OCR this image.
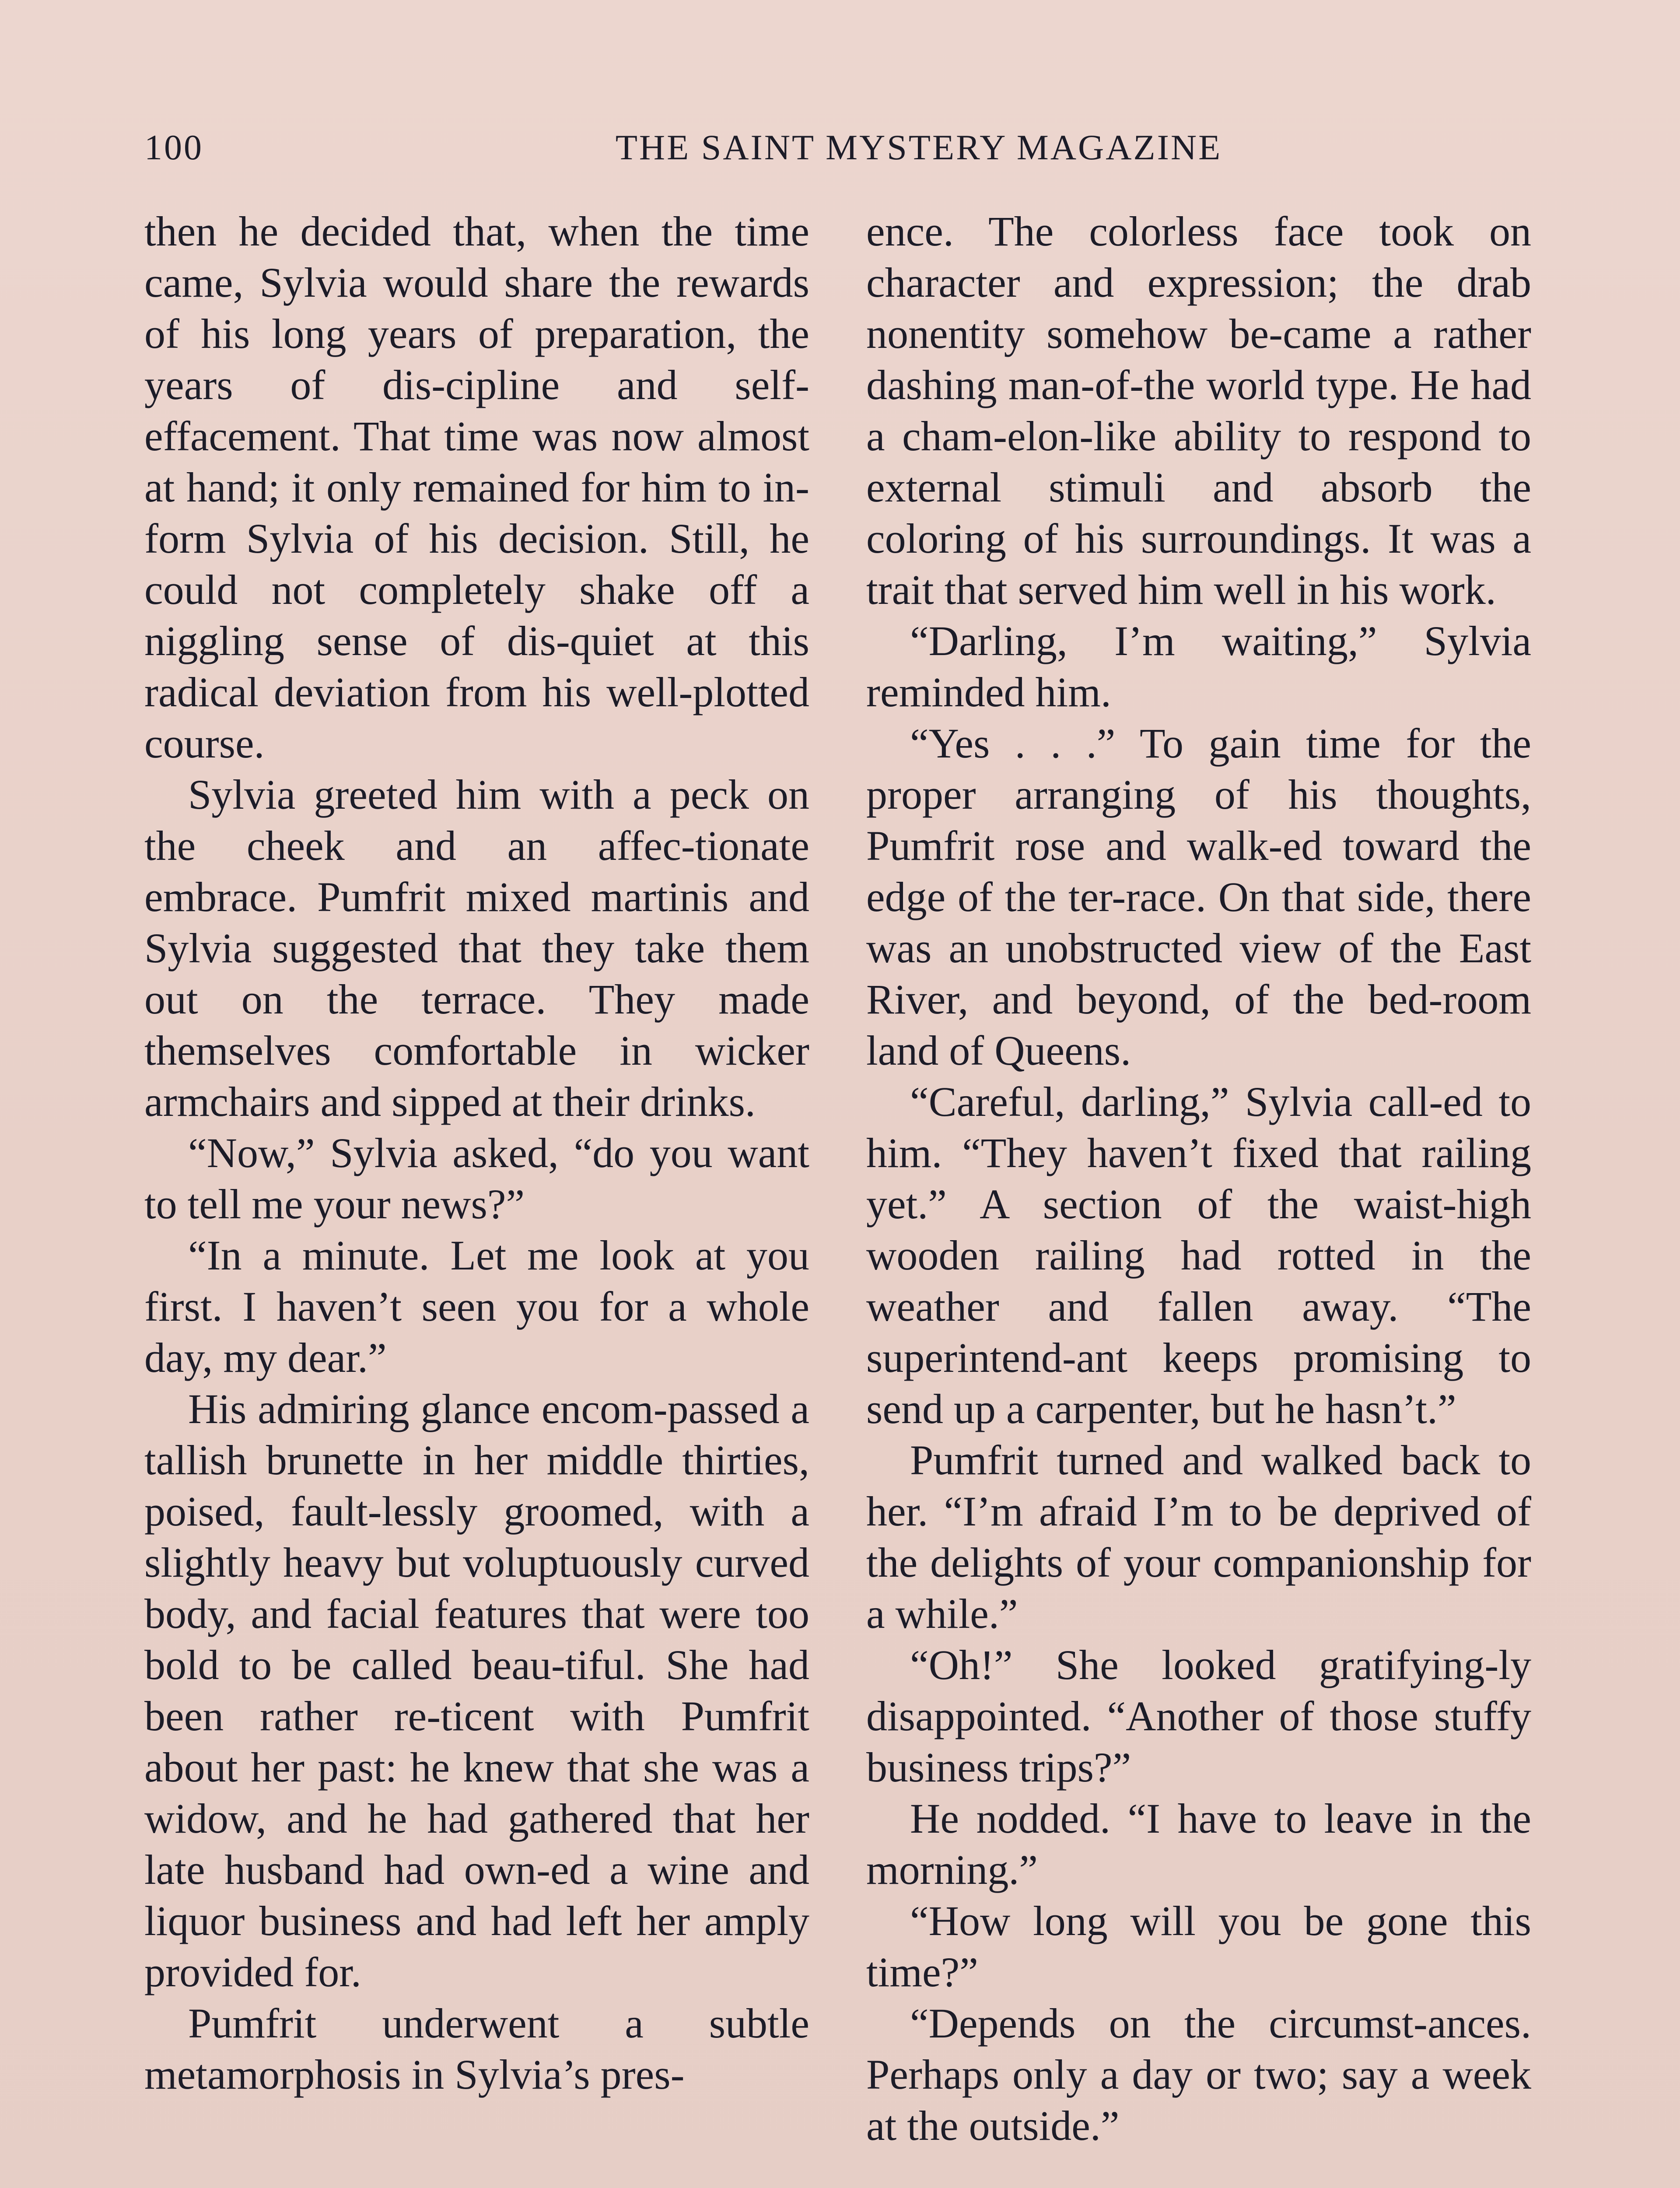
100	THE SAINT MYSTERY MAGAZINE

then he decided that, when the time came, Sylvia would share the rewards of his long years of preparation, the years of dis-cipline and self-effacement. That time was now almost at hand; it only remained for him to in-form Sylvia of his decision. Still, he could not completely shake off a niggling sense of dis-quiet at this radical deviation from his well-plotted course.

Sylvia greeted him with a peck on the cheek and an affec-tionate embrace. Pumfrit mixed martinis and Sylvia suggested that they take them out on the terrace. They made themselves comfortable in wicker armchairs and sipped at their drinks.

“Now,” Sylvia asked, “do you want to tell me your news?”

“In a minute. Let me look at you first. I haven’t seen you for a whole day, my dear.”

His admiring glance encom-passed a tallish brunette in her middle thirties, poised, fault-lessly groomed, with a slightly heavy but voluptuously curved body, and facial features that were too bold to be called beau-tiful. She had been rather re-ticent with Pumfrit about her past: he knew that she was a widow, and he had gathered that her late husband had own-ed a wine and liquor business and had left her amply provided for.

Pumfrit underwent a subtle metamorphosis in Sylvia’s pres-

ence. The colorless face took on character and expression; the drab nonentity somehow be-came a rather dashing man-of-the world type. He had a cham-elon-like ability to respond to external stimuli and absorb the coloring of his surroundings. It was a trait that served him well in his work.

“Darling, I’m waiting,” Sylvia reminded him.

“Yes . . .” To gain time for the proper arranging of his thoughts, Pumfrit rose and walk-ed toward the edge of the ter-race. On that side, there was an unobstructed view of the East River, and beyond, of the bed-room land of Queens.

“Careful, darling,” Sylvia call-ed to him. “They haven’t fixed that railing yet.” A section of the waist-high wooden railing had rotted in the weather and fallen away. “The superintend-ant keeps promising to send up a carpenter, but he hasn’t.”

Pumfrit turned and walked back to her. “I’m afraid I’m to be deprived of the delights of your companionship for a while.”

“Oh!” She looked gratifying-ly disappointed. “Another of those stuffy business trips?”

He nodded. “I have to leave in the morning.”

“How long will you be gone this time?”

“Depends on the circumst-ances. Perhaps only a day or two; say a week at the outside.”
